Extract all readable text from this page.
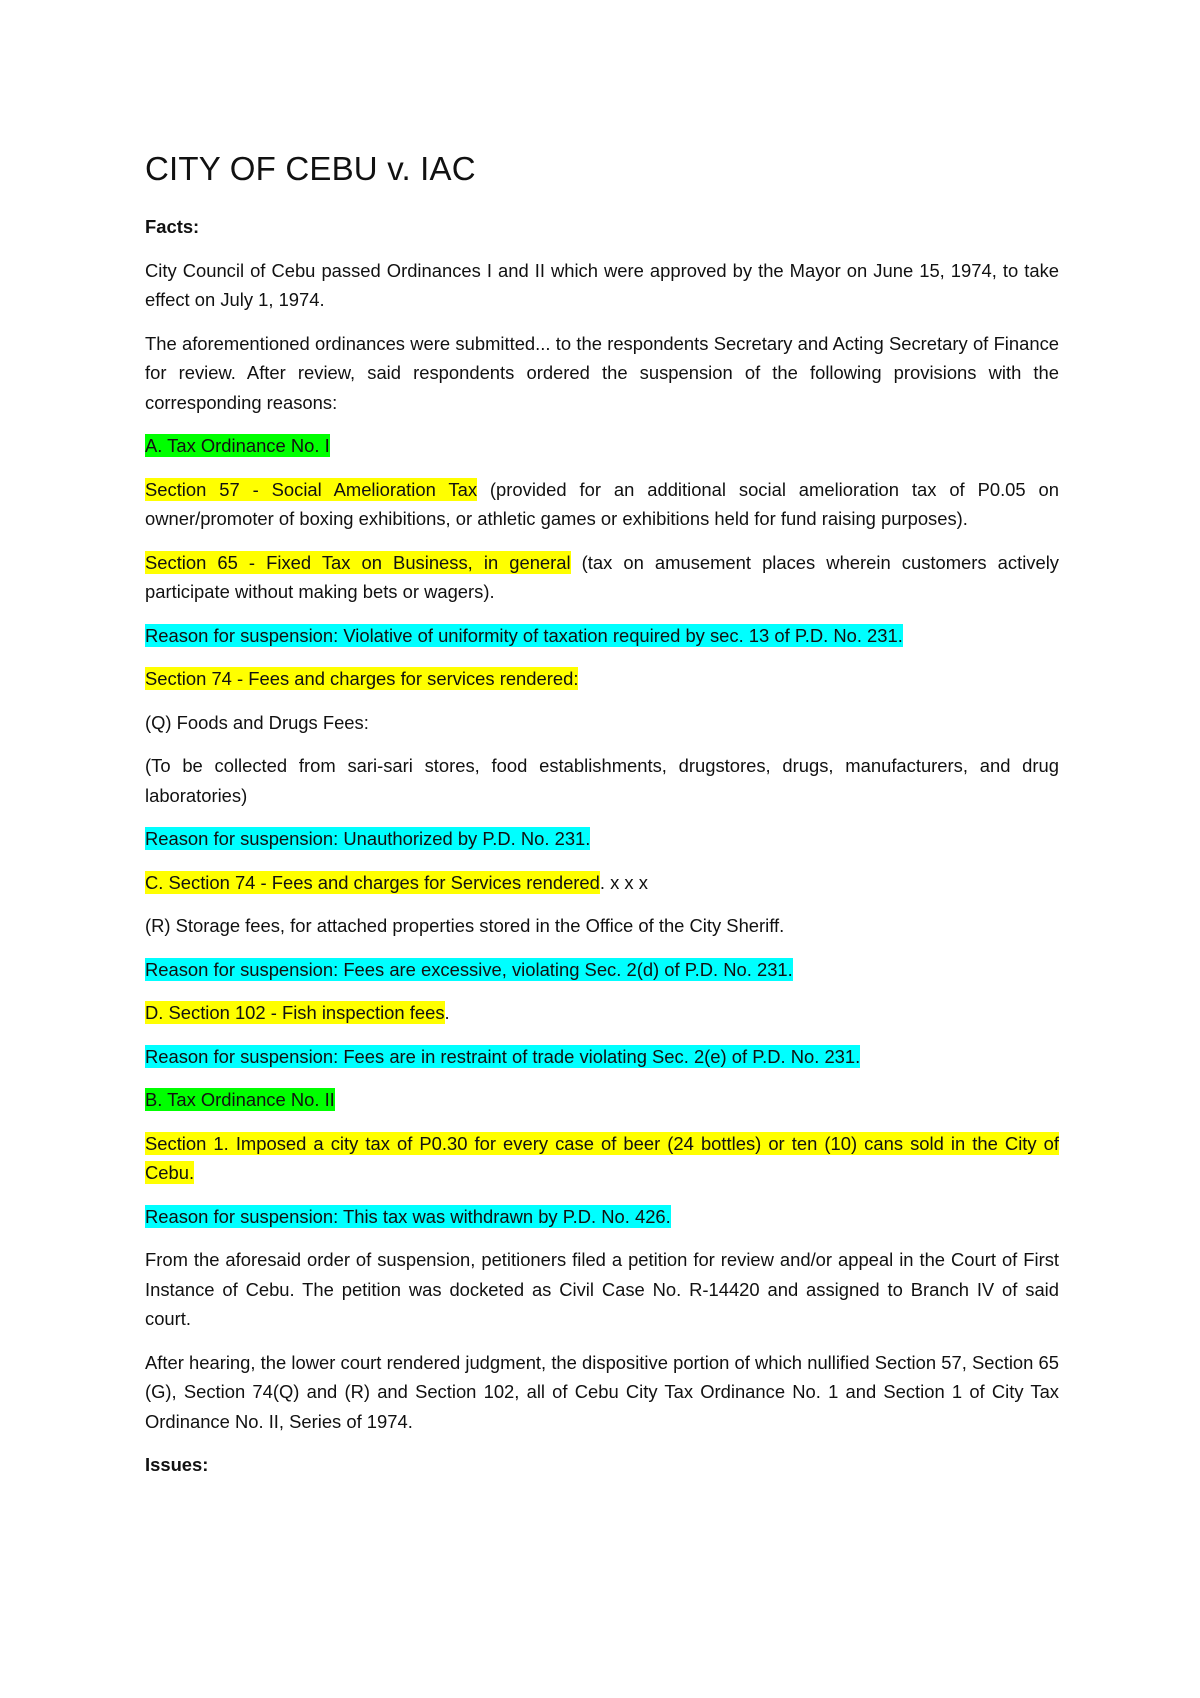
CITY OF CEBU v. IAC

Facts:

City Council of Cebu passed Ordinances I and II which were approved by the Mayor on June 15, 1974, to take effect on July 1, 1974.

The aforementioned ordinances were submitted... to the respondents Secretary and Acting Secretary of Finance for review. After review, said respondents ordered the suspension of the following provisions with the corresponding reasons:

A. Tax Ordinance No. I

Section 57 - Social Amelioration Tax (provided for an additional social amelioration tax of P0.05 on owner/promoter of boxing exhibitions, or athletic games or exhibitions held for fund raising purposes).

Section 65 - Fixed Tax on Business, in general (tax on amusement places wherein customers actively participate without making bets or wagers).

Reason for suspension: Violative of uniformity of taxation required by sec. 13 of P.D. No. 231.

Section 74 - Fees and charges for services rendered:

(Q) Foods and Drugs Fees:

(To be collected from sari-sari stores, food establishments, drugstores, drugs, manufacturers, and drug laboratories)

Reason for suspension: Unauthorized by P.D. No. 231.

C. Section 74 - Fees and charges for Services rendered. x x x

(R) Storage fees, for attached properties stored in the Office of the City Sheriff.

Reason for suspension: Fees are excessive, violating Sec. 2(d) of P.D. No. 231.

D. Section 102 - Fish inspection fees.

Reason for suspension: Fees are in restraint of trade violating Sec. 2(e) of P.D. No. 231.

B. Tax Ordinance No. II

Section 1. Imposed a city tax of P0.30 for every case of beer (24 bottles) or ten (10) cans sold in the City of Cebu.

Reason for suspension: This tax was withdrawn by P.D. No. 426.

From the aforesaid order of suspension, petitioners filed a petition for review and/or appeal in the Court of First Instance of Cebu. The petition was docketed as Civil Case No. R-14420 and assigned to Branch IV of said court.

After hearing, the lower court rendered judgment, the dispositive portion of which nullified Section 57, Section 65 (G), Section 74(Q) and (R) and Section 102, all of Cebu City Tax Ordinance No. 1 and Section 1 of City Tax Ordinance No. II, Series of 1974.

Issues:
